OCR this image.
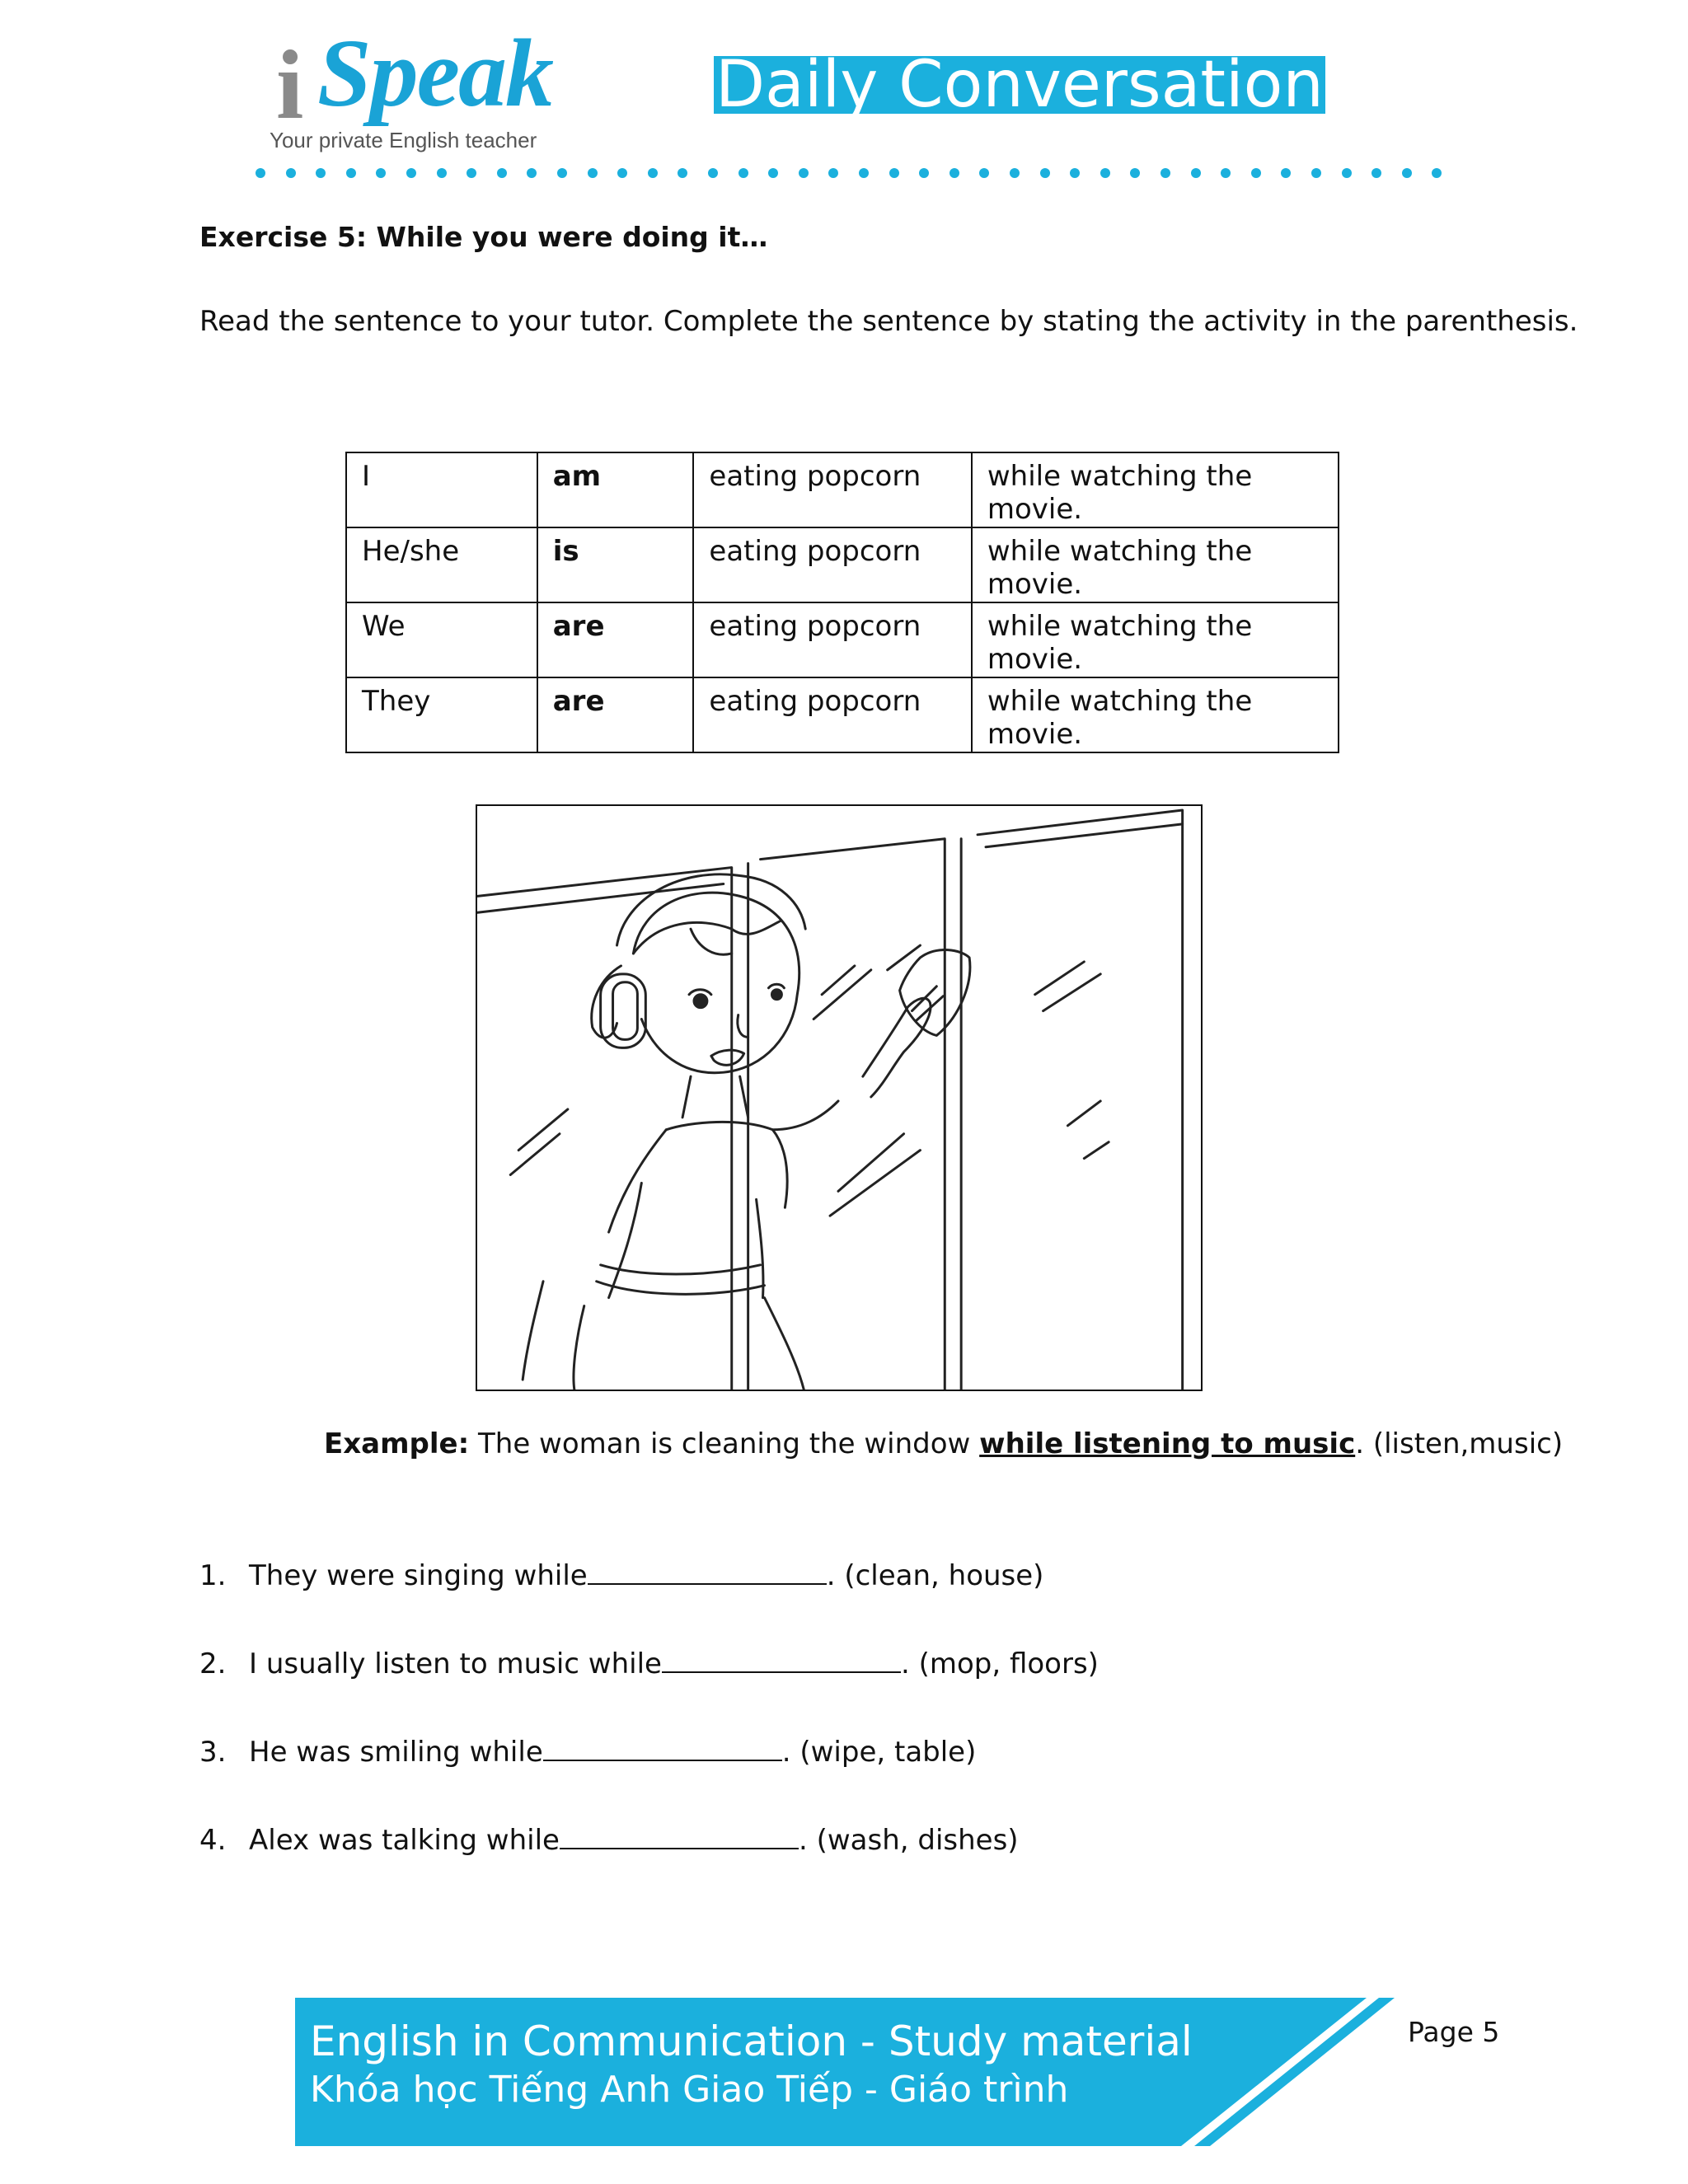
i Speak
Your private English teacher
Daily Conversation
Exercise 5: While you were doing it…
Read the sentence to your tutor. Complete the sentence by stating the activity in the parenthesis.
I	am	eating popcorn	while watching the movie.
He/she	is	eating popcorn	while watching the movie.
We	are	eating popcorn	while watching the movie.
They	are	eating popcorn	while watching the movie.
Example: The woman is cleaning the window while listening to music. (listen,music)
1. They were singing while	. (clean, house)
2. I usually listen to music while	. (mop, floors)
3. He was smiling while	. (wipe, table)
4. Alex was talking while	. (wash, dishes)
English in Communication - Study material
Khóa học Tiếng Anh Giao Tiếp - Giáo trình
Page 5
